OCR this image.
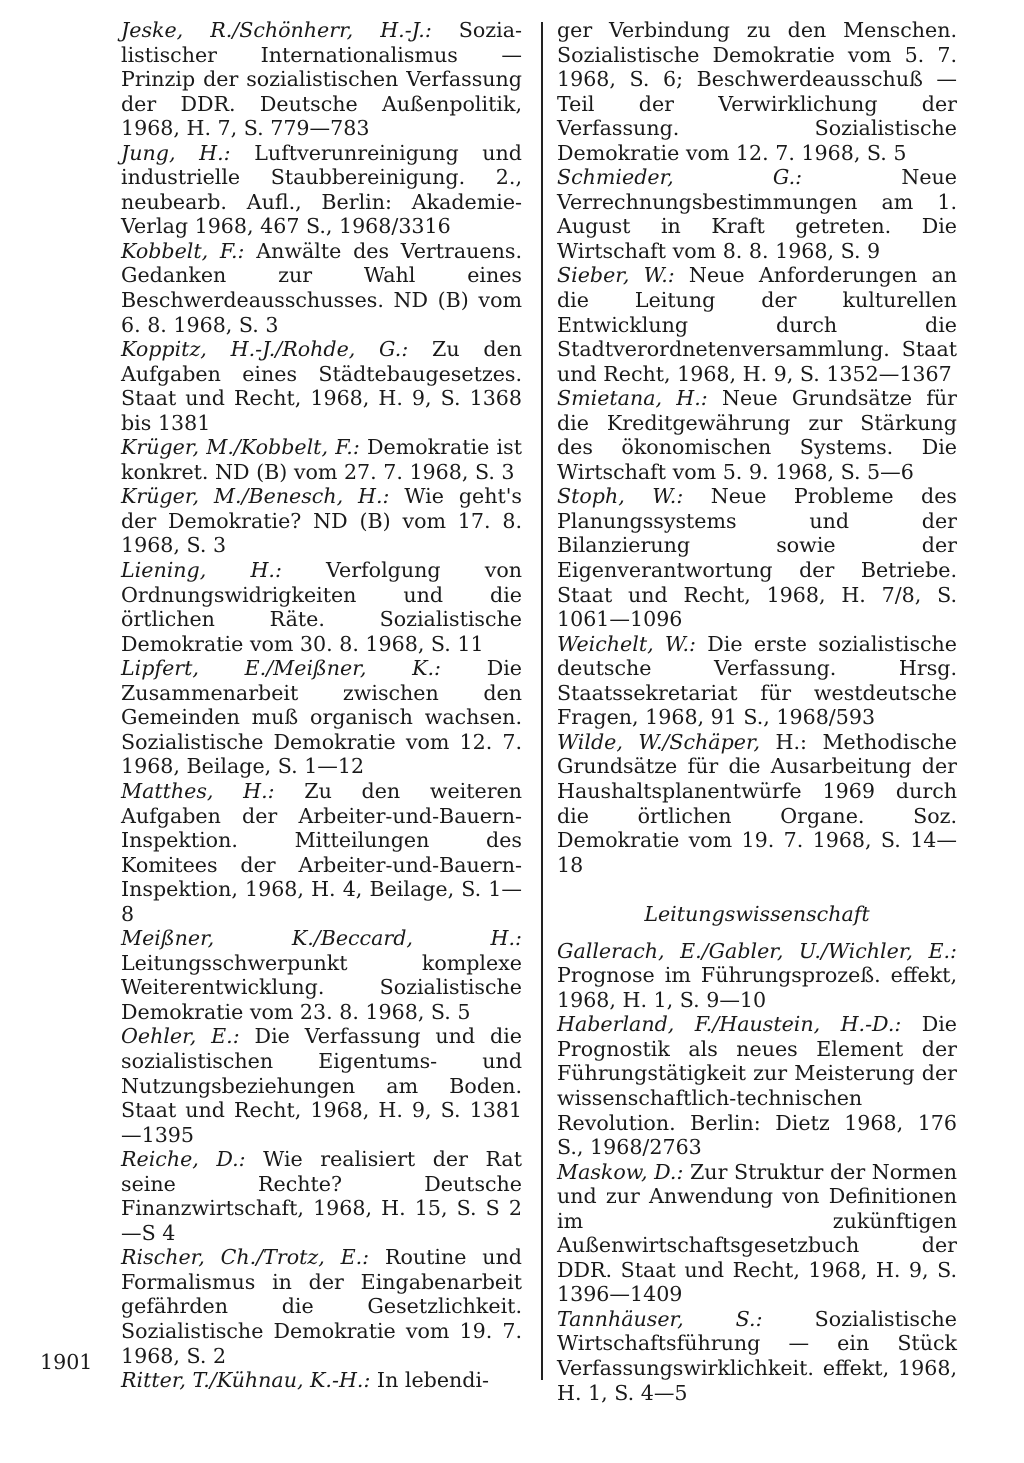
Jeske, R./Schönherr, H.-J.: Sozialistischer Internationalismus — Prinzip der sozialistischen Verfassung der DDR. Deutsche Außenpolitik, 1968, H. 7, S. 779—783
Jung, H.: Luftverunreinigung und industrielle Staubbereinigung. 2., neubearb. Aufl., Berlin: Akademie-Verlag 1968, 467 S., 1968/3316
Kobbelt, F.: Anwälte des Vertrauens. Gedanken zur Wahl eines Beschwerdeausschusses. ND (B) vom 6. 8. 1968, S. 3
Koppitz, H.-J./Rohde, G.: Zu den Aufgaben eines Städtebaugesetzes. Staat und Recht, 1968, H. 9, S. 1368 bis 1381
Krüger, M./Kobbelt, F.: Demokratie ist konkret. ND (B) vom 27. 7. 1968, S. 3
Krüger, M./Benesch, H.: Wie geht's der Demokratie? ND (B) vom 17. 8. 1968, S. 3
Liening, H.: Verfolgung von Ordnungswidrigkeiten und die örtlichen Räte. Sozialistische Demokratie vom 30. 8. 1968, S. 11
Lipfert, E./Meißner, K.: Die Zusammenarbeit zwischen den Gemeinden muß organisch wachsen. Sozialistische Demokratie vom 12. 7. 1968, Beilage, S. 1—12
Matthes, H.: Zu den weiteren Aufgaben der Arbeiter-und-Bauern-Inspektion. Mitteilungen des Komitees der Arbeiter-und-Bauern-Inspektion, 1968, H. 4, Beilage, S. 1—8
Meißner, K./Beccard, H.: Leitungsschwerpunkt komplexe Weiterentwicklung. Sozialistische Demokratie vom 23. 8. 1968, S. 5
Oehler, E.: Die Verfassung und die sozialistischen Eigentums- und Nutzungsbeziehungen am Boden. Staat und Recht, 1968, H. 9, S. 1381—1395
Reiche, D.: Wie realisiert der Rat seine Rechte? Deutsche Finanzwirtschaft, 1968, H. 15, S. S 2—S 4
Rischer, Ch./Trotz, E.: Routine und Formalismus in der Eingabenarbeit gefährden die Gesetzlichkeit. Sozialistische Demokratie vom 19. 7. 1968, S. 2
Ritter, T./Kühnau, K.-H.: In lebendi-
ger Verbindung zu den Menschen. Sozialistische Demokratie vom 5. 7. 1968, S. 6; Beschwerdeausschuß — Teil der Verwirklichung der Verfassung. Sozialistische Demokratie vom 12. 7. 1968, S. 5
Schmieder, G.: Neue Verrechnungsbestimmungen am 1. August in Kraft getreten. Die Wirtschaft vom 8. 8. 1968, S. 9
Sieber, W.: Neue Anforderungen an die Leitung der kulturellen Entwicklung durch die Stadtverordnetenversammlung. Staat und Recht, 1968, H. 9, S. 1352—1367
Smietana, H.: Neue Grundsätze für die Kreditgewährung zur Stärkung des ökonomischen Systems. Die Wirtschaft vom 5. 9. 1968, S. 5—6
Stoph, W.: Neue Probleme des Planungssystems und der Bilanzierung sowie der Eigenverantwortung der Betriebe. Staat und Recht, 1968, H. 7/8, S. 1061—1096
Weichelt, W.: Die erste sozialistische deutsche Verfassung. Hrsg. Staatssekretariat für westdeutsche Fragen, 1968, 91 S., 1968/593
Wilde, W./Schäper, H.: Methodische Grundsätze für die Ausarbeitung der Haushaltsplanentwürfe 1969 durch die örtlichen Organe. Soz. Demokratie vom 19. 7. 1968, S. 14—18
Leitungswissenschaft
Gallerach, E./Gabler, U./Wichler, E.: Prognose im Führungsprozeß. effekt, 1968, H. 1, S. 9—10
Haberland, F./Haustein, H.-D.: Die Prognostik als neues Element der Führungstätigkeit zur Meisterung der wissenschaftlich-technischen Revolution. Berlin: Dietz 1968, 176 S., 1968/2763
Maskow, D.: Zur Struktur der Normen und zur Anwendung von Definitionen im zukünftigen Außenwirtschaftsgesetzbuch der DDR. Staat und Recht, 1968, H. 9, S. 1396—1409
Tannhäuser, S.: Sozialistische Wirtschaftsführung — ein Stück Verfassungswirklichkeit. effekt, 1968, H. 1, S. 4—5
1901
